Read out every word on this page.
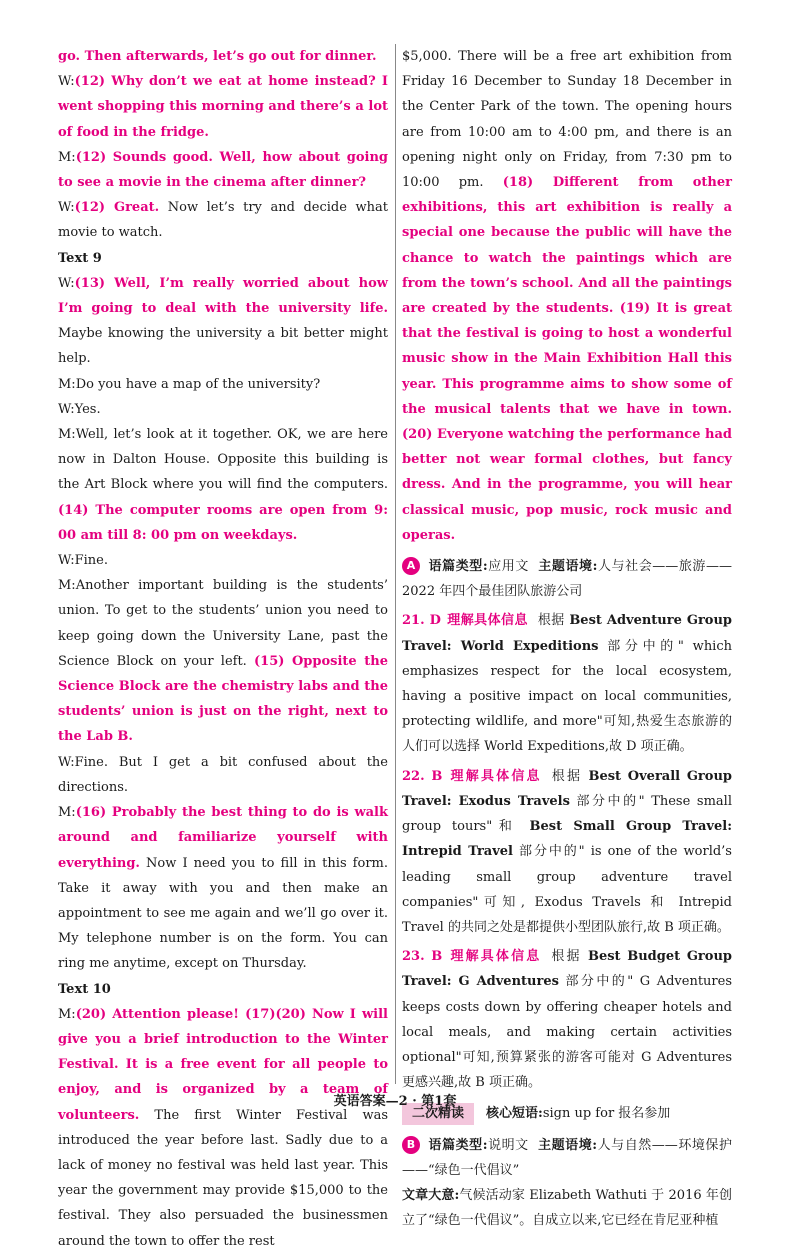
go. Then afterwards, let’s go out for dinner.

W:(12) Why don’t we eat at home instead? I went shopping this morning and there’s a lot of food in the fridge.

M:(12) Sounds good. Well, how about going to see a movie in the cinema after dinner?

W:(12) Great. Now let’s try and decide what movie to watch.

Text 9

W:(13) Well, I’m really worried about how I’m going to deal with the university life. Maybe knowing the university a bit better might help.

M:Do you have a map of the university?

W:Yes.

M:Well, let’s look at it together. OK, we are here now in Dalton House. Opposite this building is the Art Block where you will find the computers. (14) The computer rooms are open from 9: 00 am till 8: 00 pm on weekdays.

W:Fine.

M:Another important building is the students’ union. To get to the students’ union you need to keep going down the University Lane, past the Science Block on your left. (15) Opposite the Science Block are the chemistry labs and the students’ union is just on the right, next to the Lab B.

W:Fine. But I get a bit confused about the directions.

M:(16) Probably the best thing to do is walk around and familiarize yourself with everything. Now I need you to fill in this form. Take it away with you and then make an appointment to see me again and we’ll go over it. My telephone number is on the form. You can ring me anytime, except on Thursday.

Text 10

M:(20) Attention please! (17)(20) Now I will give you a brief introduction to the Winter Festival. It is a free event for all people to enjoy, and is organized by a team of volunteers. The first Winter Festival was introduced the year before last. Sadly due to a lack of money no festival was held last year. This year the government may provide $15,000 to the festival. They also persuaded the businessmen around the town to offer the rest

$5,000. There will be a free art exhibition from Friday 16 December to Sunday 18 December in the Center Park of the town. The opening hours are from 10:00 am to 4:00 pm, and there is an opening night only on Friday, from 7:30 pm to 10:00 pm. (18) Different from other exhibitions, this art exhibition is really a special one because the public will have the chance to watch the paintings which are from the town’s school. And all the paintings are created by the students. (19) It is great that the festival is going to host a wonderful music show in the Main Exhibition Hall this year. This programme aims to show some of the musical talents that we have in town. (20) Everyone watching the performance had better not wear formal clothes, but fancy dress. And in the programme, you will hear classical music, pop music, rock music and operas.

A 语篇类型:应用文 主题语境:人与社会——旅游——2022 年四个最佳团队旅游公司

21. D 理解具体信息 根据 Best Adventure Group Travel: World Expeditions 部分中的" which emphasizes respect for the local ecosystem, having a positive impact on local communities, protecting wildlife, and more"可知,热爱生态旅游的人们可以选择 World Expeditions,故 D 项正确。

22. B 理解具体信息 根据 Best Overall Group Travel: Exodus Travels 部分中的" These small group tours"和 Best Small Group Travel: Intrepid Travel 部分中的" is one of the world’s leading small group adventure travel companies"可知, Exodus Travels 和 Intrepid Travel 的共同之处是都提供小型团队旅行,故 B 项正确。

23. B 理解具体信息 根据 Best Budget Group Travel: G Adventures 部分中的" G Adventures keeps costs down by offering cheaper hotels and local meals, and making certain activities optional"可知,预算紧张的游客可能对 G Adventures 更感兴趣,故 B 项正确。

二次精读 核心短语:sign up for 报名参加

B 语篇类型:说明文 主题语境:人与自然——环境保护——“绿色一代倡议”

文章大意:气候活动家 Elizabeth Wathuti 于 2016 年创立了“绿色一代倡议”。自成立以来,它已经在肯尼亚种植

英语答案—2 · 第1套
